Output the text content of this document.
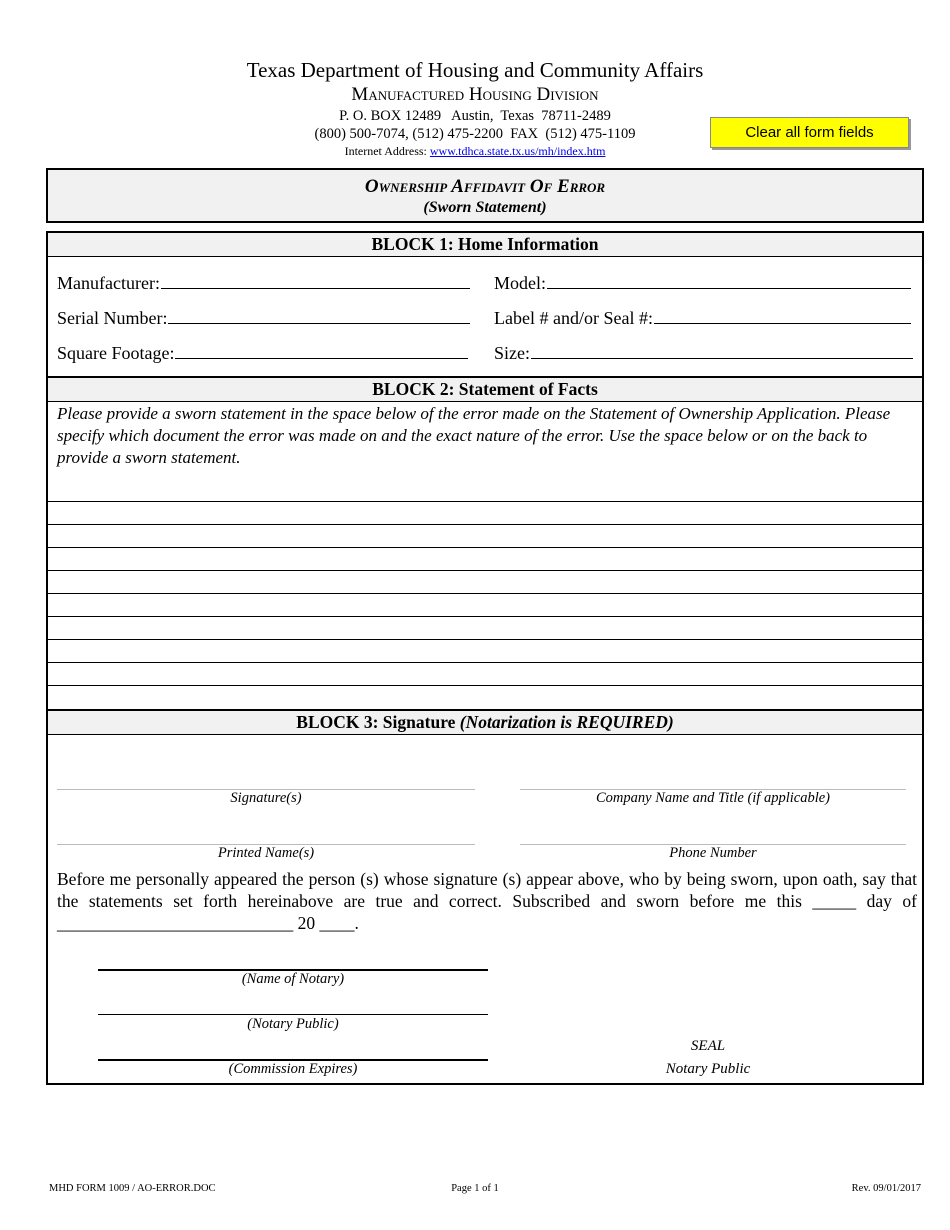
Texas Department of Housing and Community Affairs
Manufactured Housing Division
P. O. BOX 12489   Austin,  Texas  78711-2489
(800) 500-7074, (512) 475-2200  FAX  (512) 475-1109
Internet Address: www.tdhca.state.tx.us/mh/index.htm
Clear all form fields
Ownership Affidavit Of Error
(Sworn Statement)
BLOCK 1: Home Information
Manufacturer:	Model:
Serial Number:	Label # and/or Seal #:
Square Footage:	Size:
BLOCK 2: Statement of Facts
Please provide a sworn statement in the space below of the error made on the Statement of Ownership Application. Please specify which document the error was made on and the exact nature of the error. Use the space below or on the back to provide a sworn statement.
BLOCK 3: Signature (Notarization is REQUIRED)
Signature(s)	Company Name and Title (if applicable)
Printed Name(s)	Phone Number
Before me personally appeared the person (s) whose signature (s) appear above, who by being sworn, upon oath, say that the statements set forth hereinabove are true and correct. Subscribed and sworn before me this _____ day of ___________________________ 20 ____.
(Name of Notary)
(Notary Public)
(Commission Expires)
SEAL
Notary Public
MHD FORM 1009 / AO-ERROR.DOC	Page 1 of 1	Rev. 09/01/2017
